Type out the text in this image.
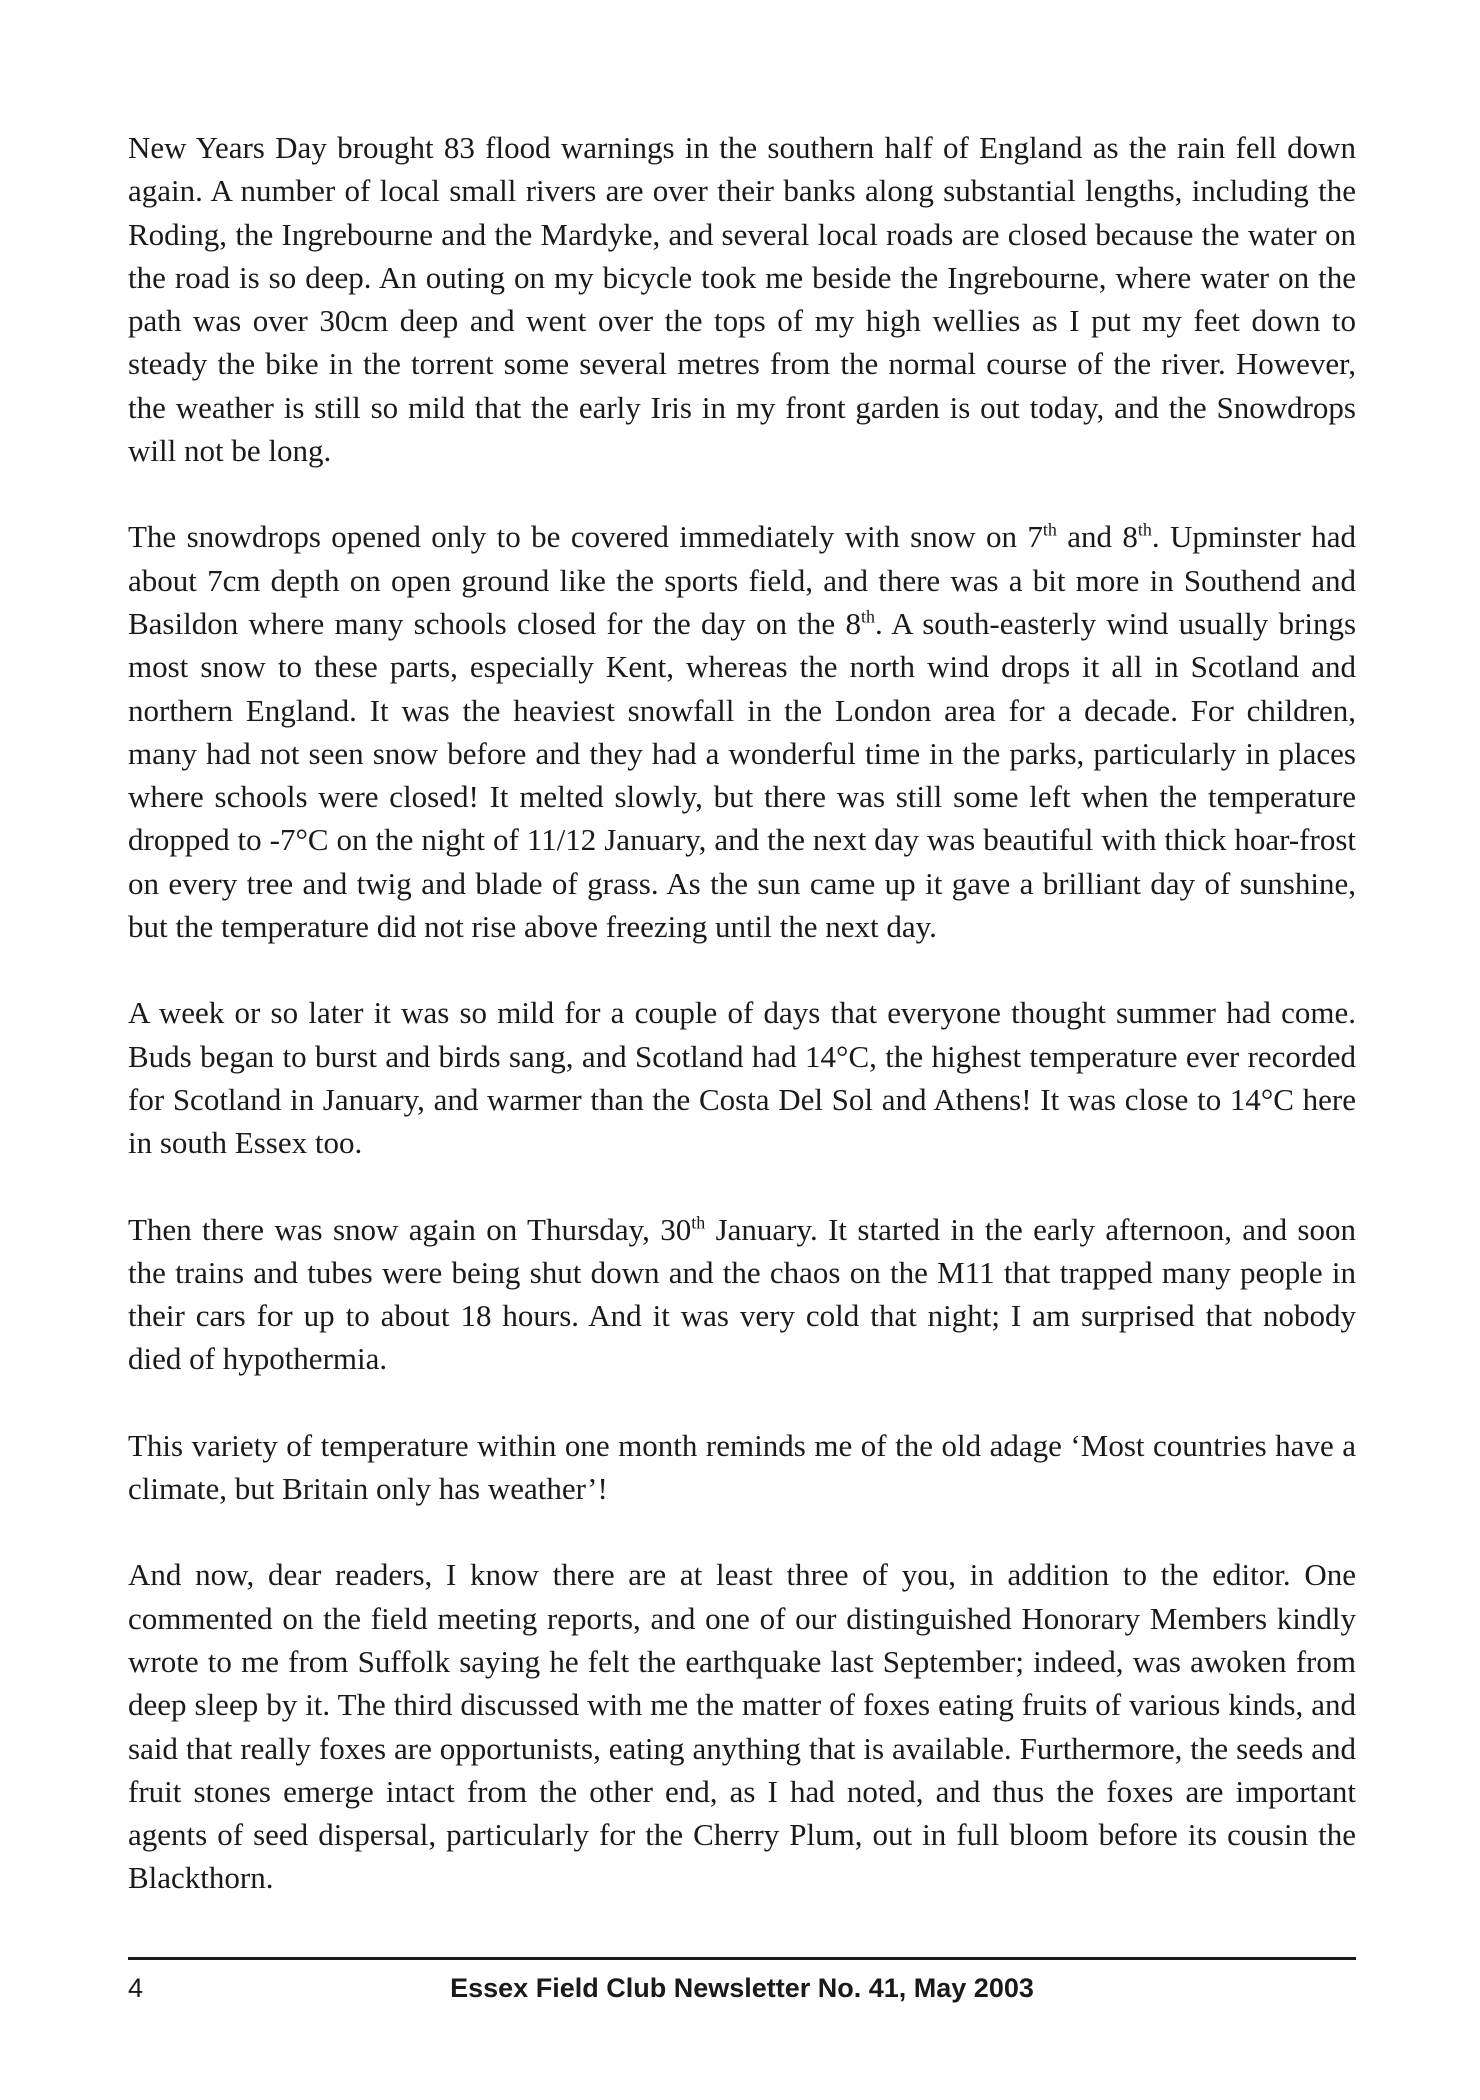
New Years Day brought 83 flood warnings in the southern half of England as the rain fell down again. A number of local small rivers are over their banks along substantial lengths, including the Roding, the Ingrebourne and the Mardyke, and several local roads are closed because the water on the road is so deep. An outing on my bicycle took me beside the Ingrebourne, where water on the path was over 30cm deep and went over the tops of my high wellies as I put my feet down to steady the bike in the torrent some several metres from the normal course of the river. However, the weather is still so mild that the early Iris in my front garden is out today, and the Snowdrops will not be long.

The snowdrops opened only to be covered immediately with snow on 7th and 8th. Upminster had about 7cm depth on open ground like the sports field, and there was a bit more in Southend and Basildon where many schools closed for the day on the 8th. A south-easterly wind usually brings most snow to these parts, especially Kent, whereas the north wind drops it all in Scotland and northern England. It was the heaviest snowfall in the London area for a decade. For children, many had not seen snow before and they had a wonderful time in the parks, particularly in places where schools were closed! It melted slowly, but there was still some left when the temperature dropped to -7°C on the night of 11/12 January, and the next day was beautiful with thick hoar-frost on every tree and twig and blade of grass. As the sun came up it gave a brilliant day of sunshine, but the temperature did not rise above freezing until the next day.

A week or so later it was so mild for a couple of days that everyone thought summer had come. Buds began to burst and birds sang, and Scotland had 14°C, the highest temperature ever recorded for Scotland in January, and warmer than the Costa Del Sol and Athens! It was close to 14°C here in south Essex too.

Then there was snow again on Thursday, 30th January. It started in the early afternoon, and soon the trains and tubes were being shut down and the chaos on the M11 that trapped many people in their cars for up to about 18 hours. And it was very cold that night; I am surprised that nobody died of hypothermia.

This variety of temperature within one month reminds me of the old adage ‘Most countries have a climate, but Britain only has weather’!

And now, dear readers, I know there are at least three of you, in addition to the editor. One commented on the field meeting reports, and one of our distinguished Honorary Members kindly wrote to me from Suffolk saying he felt the earthquake last September; indeed, was awoken from deep sleep by it. The third discussed with me the matter of foxes eating fruits of various kinds, and said that really foxes are opportunists, eating anything that is available. Furthermore, the seeds and fruit stones emerge intact from the other end, as I had noted, and thus the foxes are important agents of seed dispersal, particularly for the Cherry Plum, out in full bloom before its cousin the Blackthorn.

4	Essex Field Club Newsletter No. 41, May 2003
